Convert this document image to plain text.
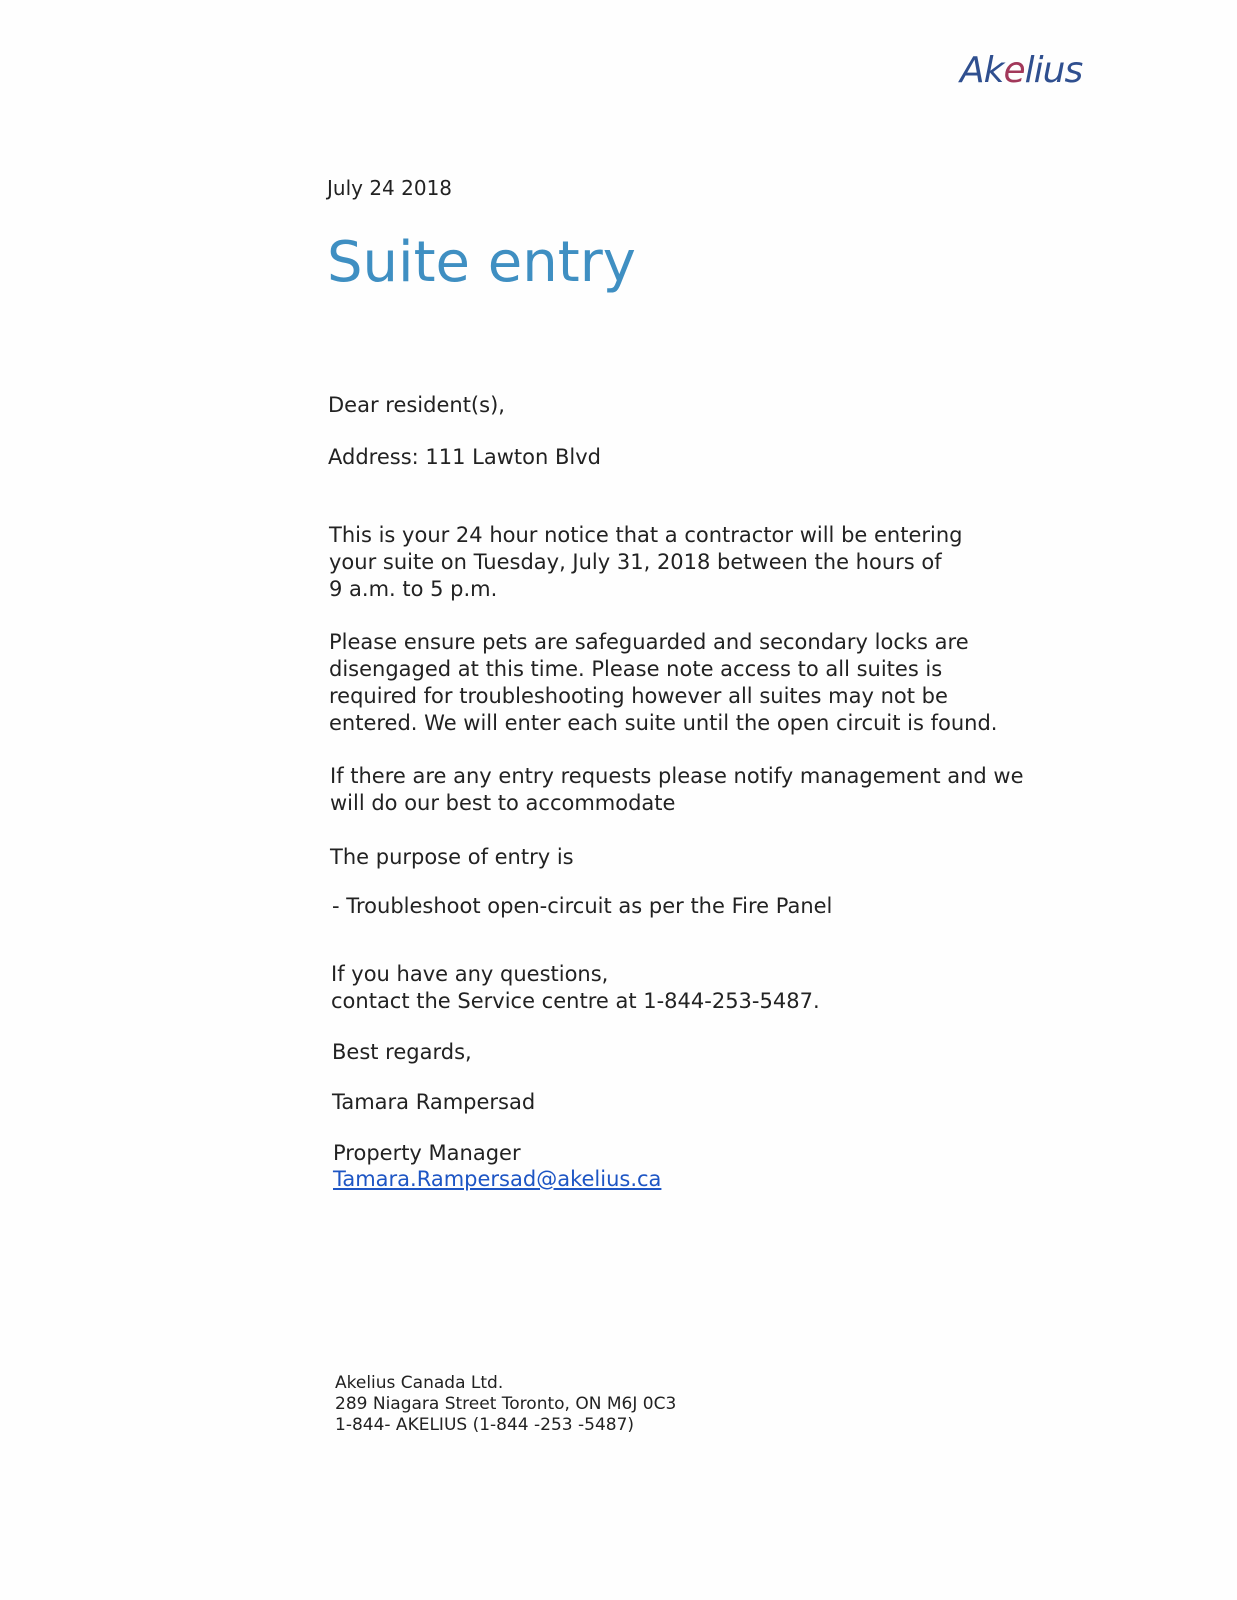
Akelius
July 24 2018
Suite entry
Dear resident(s),
Address: 111 Lawton Blvd
This is your 24 hour notice that a contractor will be entering
your suite on Tuesday, July 31, 2018 between the hours of
9 a.m. to 5 p.m.
Please ensure pets are safeguarded and secondary locks are
disengaged at this time. Please note access to all suites is
required for troubleshooting however all suites may not be
entered. We will enter each suite until the open circuit is found.
If there are any entry requests please notify management and we
will do our best to accommodate
The purpose of entry is
- Troubleshoot open-circuit as per the Fire Panel
If you have any questions,
contact the Service centre at 1-844-253-5487.
Best regards,
Tamara Rampersad
Property Manager
Tamara.Rampersad@akelius.ca
Akelius Canada Ltd.
289 Niagara Street Toronto, ON M6J 0C3
1-844- AKELIUS (1-844 -253 -5487)
